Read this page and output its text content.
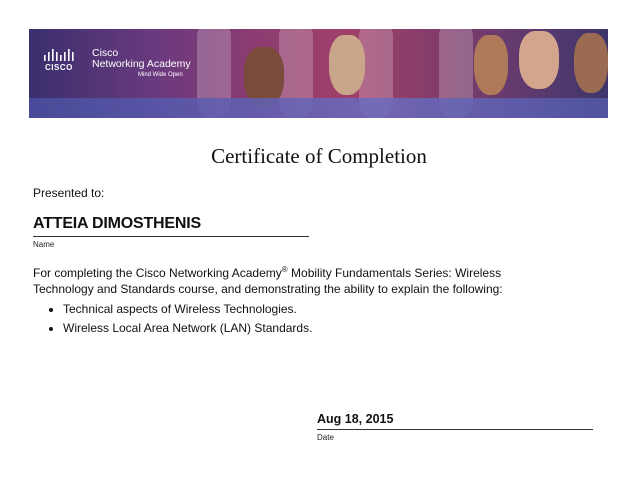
CISCO
Cisco
Networking Academy
Mind Wide Open
Certificate of Completion
Presented to:
ATTEIA DIMOSTHENIS
Name
For completing the Cisco Networking Academy® Mobility Fundamentals Series: Wireless Technology and Standards course, and demonstrating the ability to explain the following:
Technical aspects of Wireless Technologies.
Wireless Local Area Network (LAN) Standards.
Aug 18, 2015
Date
